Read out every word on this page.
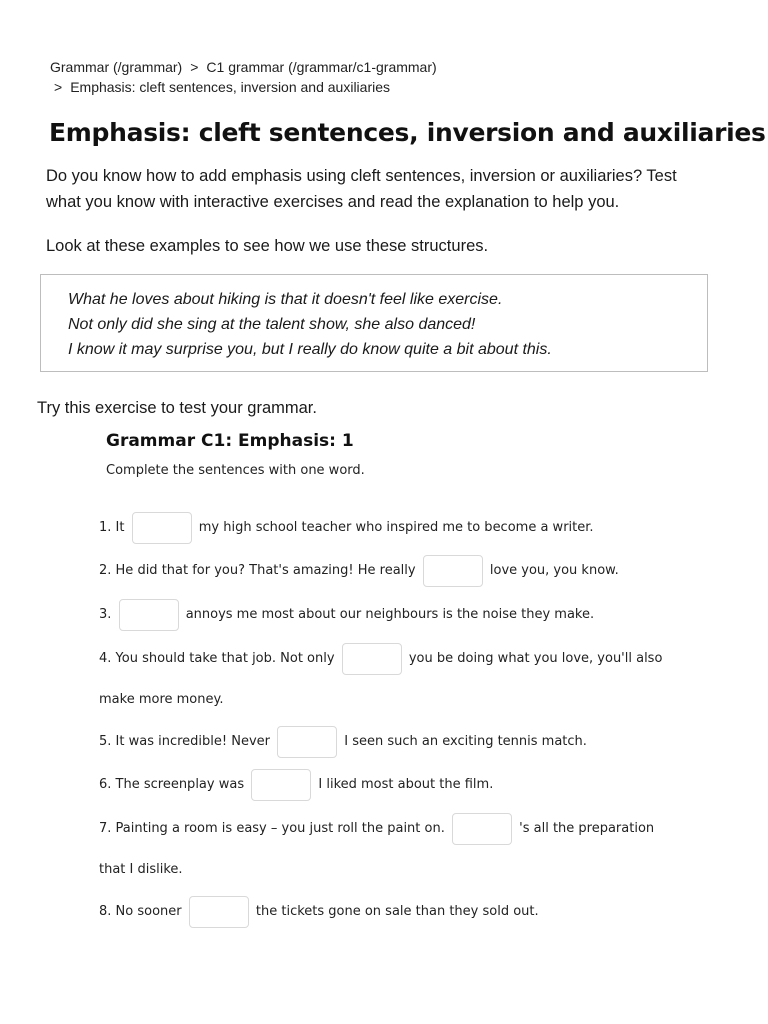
Grammar (/grammar) > C1 grammar (/grammar/c1-grammar)
> Emphasis: cleft sentences, inversion and auxiliaries
Emphasis: cleft sentences, inversion and auxiliaries

Do you know how to add emphasis using cleft sentences, inversion or auxiliaries? Test what you know with interactive exercises and read the explanation to help you.

Look at these examples to see how we use these structures.

What he loves about hiking is that it doesn't feel like exercise.

Not only did she sing at the talent show, she also danced!

I know it may surprise you, but I really do know quite a bit about this.

Try this exercise to test your grammar.

Grammar C1: Emphasis: 1

Complete the sentences with one word.

1. It	my high school teacher who inspired me to become a writer.

2. He did that for you? That's amazing! He really	love you, you know.

3.	annoys me most about our neighbours is the noise they make.

4. You should take that job. Not only	you be doing what you love, you'll also make more money.

5. It was incredible! Never	I seen such an exciting tennis match.

6. The screenplay was	I liked most about the film.

7. Painting a room is easy – you just roll the paint on.	's all the preparation that I dislike.

8. No sooner	the tickets gone on sale than they sold out.
